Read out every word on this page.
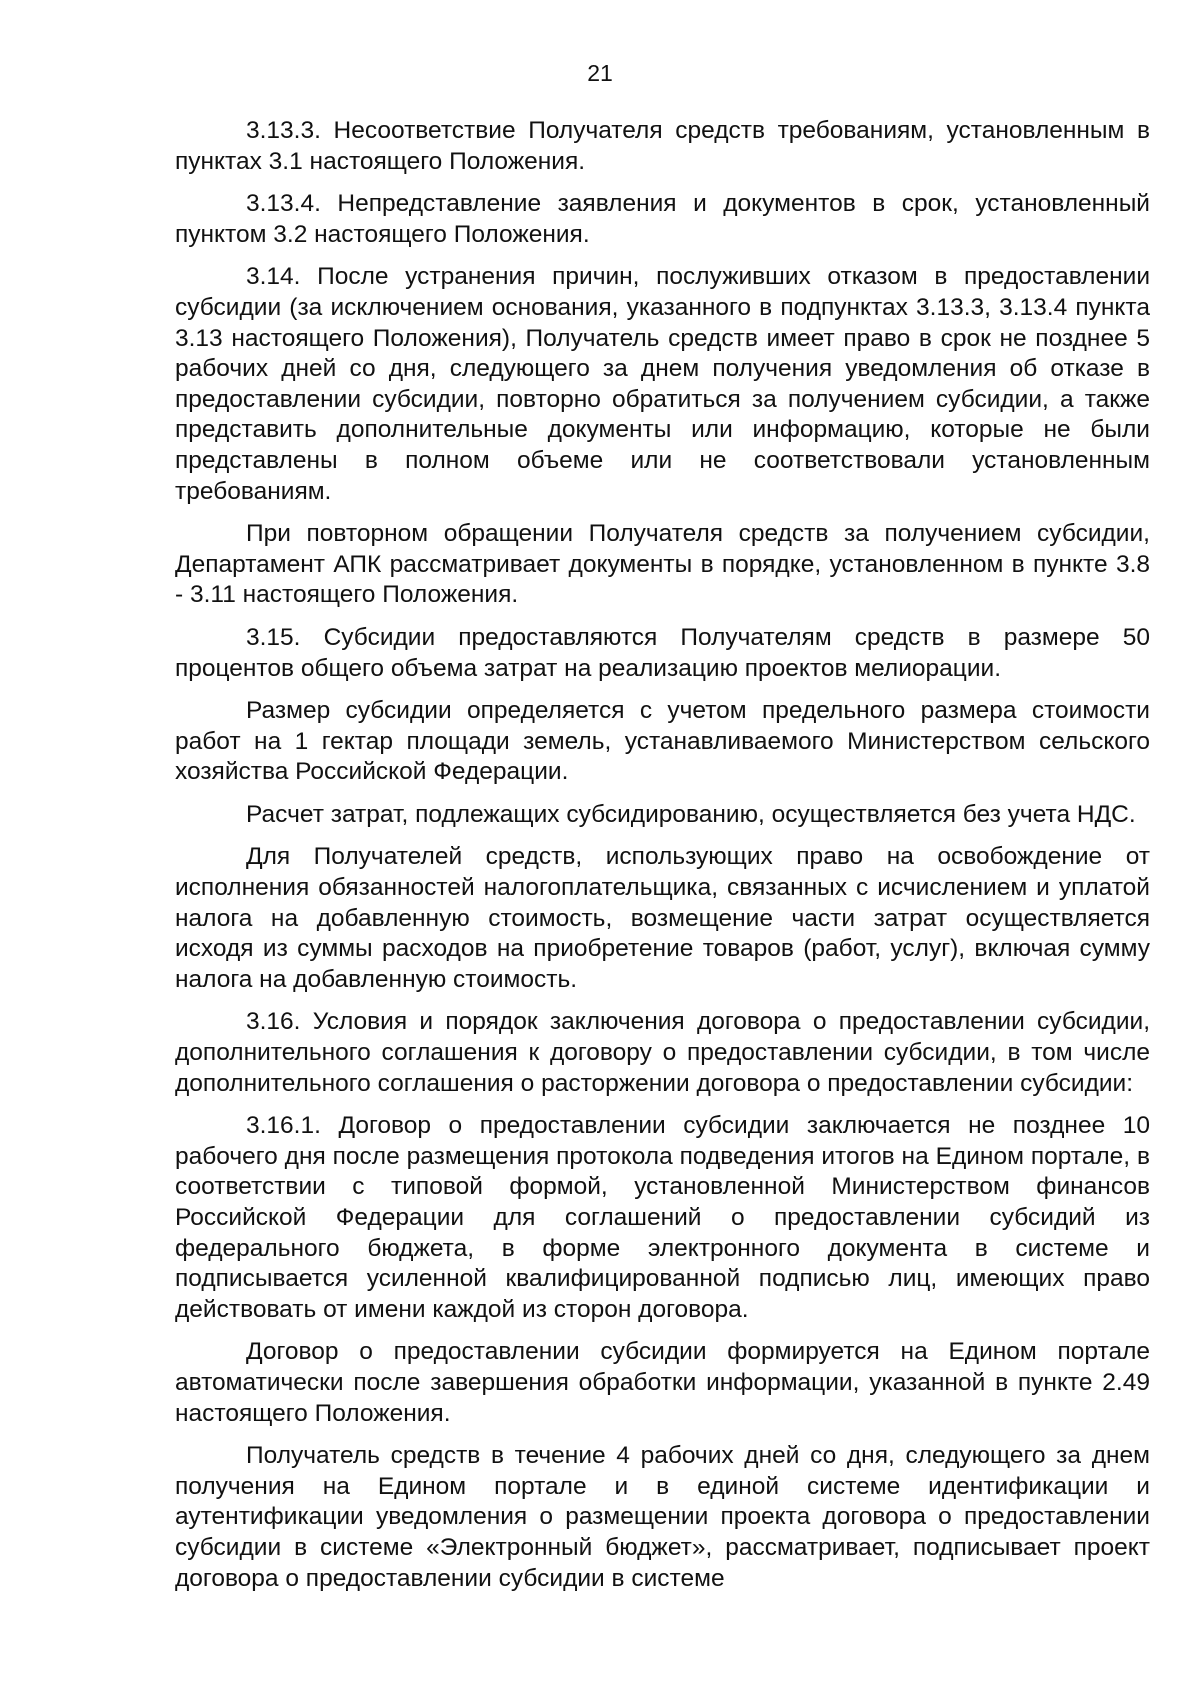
21

3.13.3. Несоответствие Получателя средств требованиям, установленным в пунктах 3.1 настоящего Положения.

3.13.4. Непредставление заявления и документов в срок, установленный пунктом 3.2 настоящего Положения.

3.14. После устранения причин, послуживших отказом в предоставлении субсидии (за исключением основания, указанного в подпунктах 3.13.3, 3.13.4 пункта 3.13 настоящего Положения), Получатель средств имеет право в срок не позднее 5 рабочих дней со дня, следующего за днем получения уведомления об отказе в предоставлении субсидии, повторно обратиться за получением субсидии, а также представить дополнительные документы или информацию, которые не были представлены в полном объеме или не соответствовали установленным требованиям.

При повторном обращении Получателя средств за получением субсидии, Департамент АПК рассматривает документы в порядке, установленном в пункте 3.8 - 3.11 настоящего Положения.

3.15. Субсидии предоставляются Получателям средств в размере 50 процентов общего объема затрат на реализацию проектов мелиорации.

Размер субсидии определяется с учетом предельного размера стоимости работ на 1 гектар площади земель, устанавливаемого Министерством сельского хозяйства Российской Федерации.

Расчет затрат, подлежащих субсидированию, осуществляется без учета НДС.

Для Получателей средств, использующих право на освобождение от исполнения обязанностей налогоплательщика, связанных с исчислением и уплатой налога на добавленную стоимость, возмещение части затрат осуществляется исходя из суммы расходов на приобретение товаров (работ, услуг), включая сумму налога на добавленную стоимость.

3.16. Условия и порядок заключения договора о предоставлении субсидии, дополнительного соглашения к договору о предоставлении субсидии, в том числе дополнительного соглашения о расторжении договора о предоставлении субсидии:

3.16.1. Договор о предоставлении субсидии заключается не позднее 10 рабочего дня после размещения протокола подведения итогов на Едином портале, в соответствии с типовой формой, установленной Министерством финансов Российской Федерации для соглашений о предоставлении субсидий из федерального бюджета, в форме электронного документа в системе и подписывается усиленной квалифицированной подписью лиц, имеющих право действовать от имени каждой из сторон договора.

Договор о предоставлении субсидии формируется на Едином портале автоматически после завершения обработки информации, указанной в пункте 2.49 настоящего Положения.

Получатель средств в течение 4 рабочих дней со дня, следующего за днем получения на Едином портале и в единой системе идентификации и аутентификации уведомления о размещении проекта договора о предоставлении субсидии в системе «Электронный бюджет», рассматривает, подписывает проект договора о предоставлении субсидии в системе
